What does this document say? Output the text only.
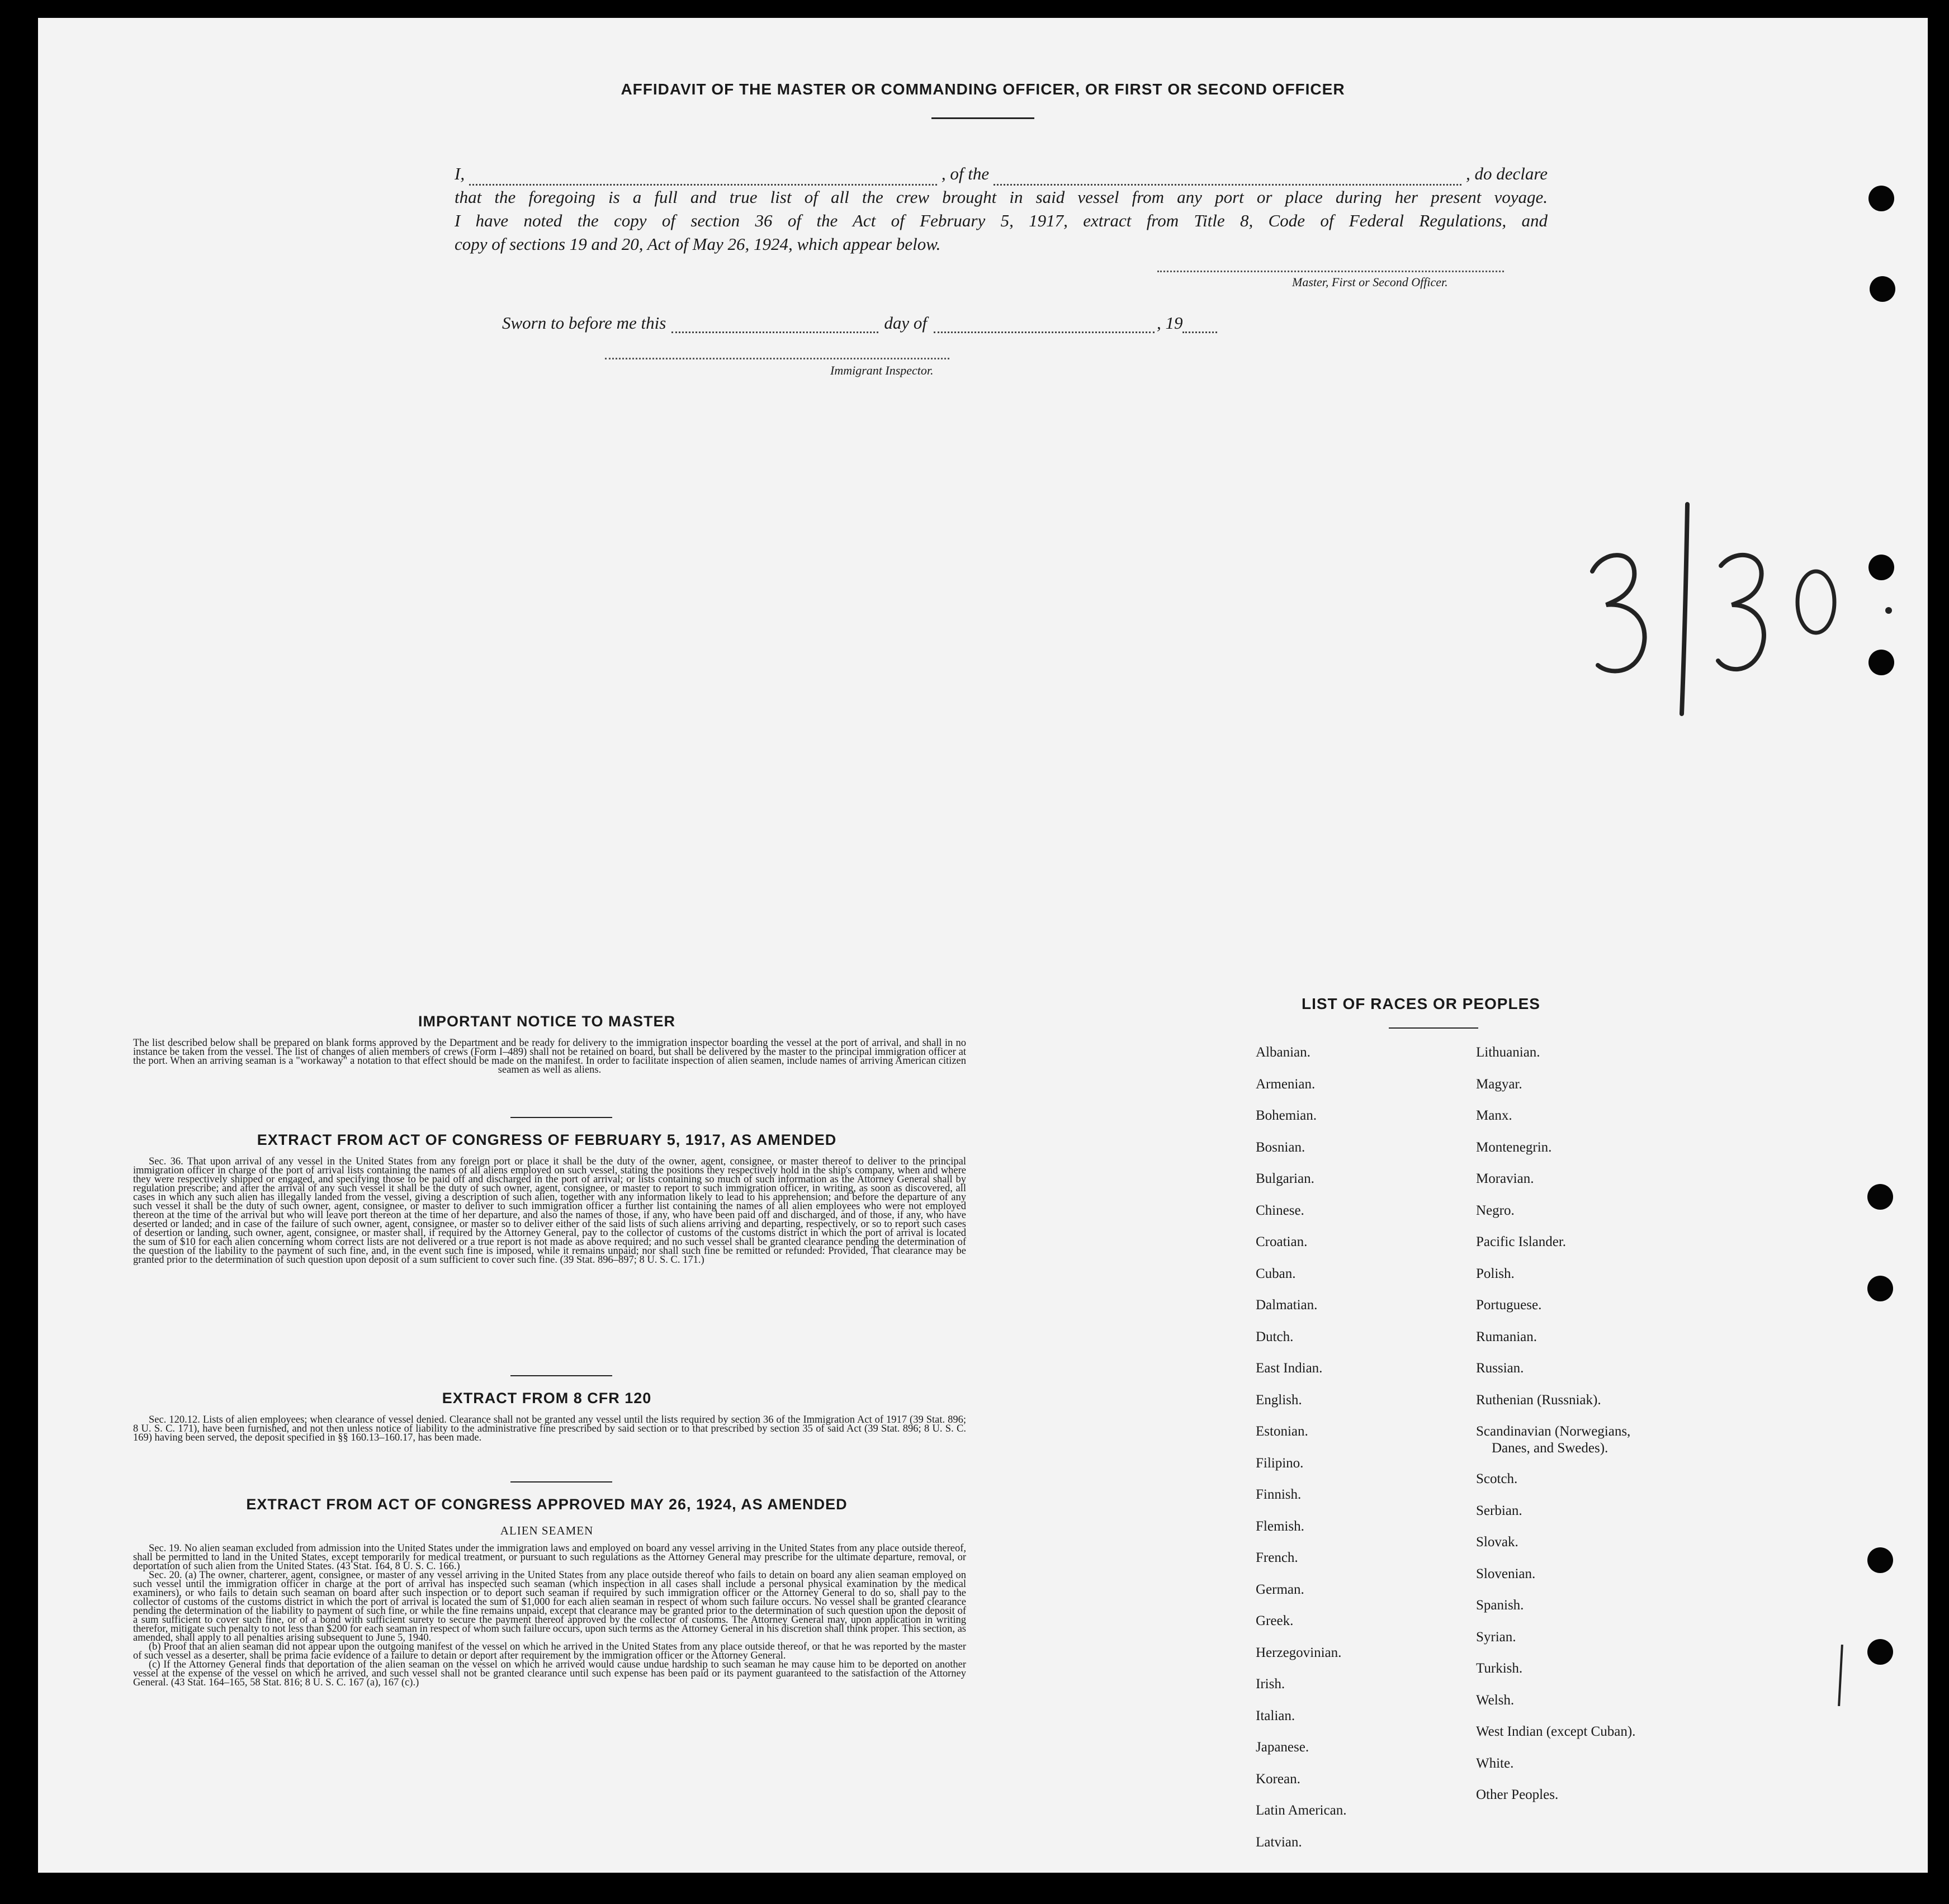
AFFIDAVIT OF THE MASTER OR COMMANDING OFFICER, OR FIRST OR SECOND OFFICER

I,	, of the	, do declare

that the foregoing is a full and true list of all the crew brought in said vessel from any port or place during her present voyage.

I have noted the copy of section 36 of the Act of February 5, 1917, extract from Title 8, Code of Federal Regulations, and

copy of sections 19 and 20, Act of May 26, 1924, which appear below.

Master, First or Second Officer.
Sworn to before me this	day of	, 19
Immigrant Inspector.
IMPORTANT NOTICE TO MASTER

The list described below shall be prepared on blank forms approved by the Department and be ready for delivery to the immigration inspector boarding the vessel at the port of arrival, and shall in no instance be taken from the vessel. The list of changes of alien members of crews (Form I–489) shall not be retained on board, but shall be delivered by the master to the principal immigration officer at the port. When an arriving seaman is a "workaway" a notation to that effect should be made on the manifest. In order to facilitate inspection of alien seamen, include names of arriving American citizen seamen as well as aliens.

EXTRACT FROM ACT OF CONGRESS OF FEBRUARY 5, 1917, AS AMENDED

Sec. 36. That upon arrival of any vessel in the United States from any foreign port or place it shall be the duty of the owner, agent, consignee, or master thereof to deliver to the principal immigration officer in charge of the port of arrival lists containing the names of all aliens employed on such vessel, stating the positions they respectively hold in the ship's company, when and where they were respectively shipped or engaged, and specifying those to be paid off and discharged in the port of arrival; or lists containing so much of such information as the Attorney General shall by regulation prescribe; and after the arrival of any such vessel it shall be the duty of such owner, agent, consignee, or master to report to such immigration officer, in writing, as soon as discovered, all cases in which any such alien has illegally landed from the vessel, giving a description of such alien, together with any information likely to lead to his apprehension; and before the departure of any such vessel it shall be the duty of such owner, agent, consignee, or master to deliver to such immigration officer a further list containing the names of all alien employees who were not employed thereon at the time of the arrival but who will leave port thereon at the time of her departure, and also the names of those, if any, who have been paid off and discharged, and of those, if any, who have deserted or landed; and in case of the failure of such owner, agent, consignee, or master so to deliver either of the said lists of such aliens arriving and departing, respectively, or so to report such cases of desertion or landing, such owner, agent, consignee, or master shall, if required by the Attorney General, pay to the collector of customs of the customs district in which the port of arrival is located the sum of $10 for each alien concerning whom correct lists are not delivered or a true report is not made as above required; and no such vessel shall be granted clearance pending the determination of the question of the liability to the payment of such fine, and, in the event such fine is imposed, while it remains unpaid; nor shall such fine be remitted or refunded: Provided, That clearance may be granted prior to the determination of such question upon deposit of a sum sufficient to cover such fine. (39 Stat. 896–897; 8 U. S. C. 171.)

EXTRACT FROM 8 CFR 120

Sec. 120.12. Lists of alien employees; when clearance of vessel denied. Clearance shall not be granted any vessel until the lists required by section 36 of the Immigration Act of 1917 (39 Stat. 896; 8 U. S. C. 171), have been furnished, and not then unless notice of liability to the administrative fine prescribed by said section or to that prescribed by section 35 of said Act (39 Stat. 896; 8 U. S. C. 169) having been served, the deposit specified in §§ 160.13–160.17, has been made.

EXTRACT FROM ACT OF CONGRESS APPROVED MAY 26, 1924, AS AMENDED
ALIEN SEAMEN

Sec. 19. No alien seaman excluded from admission into the United States under the immigration laws and employed on board any vessel arriving in the United States from any place outside thereof, shall be permitted to land in the United States, except temporarily for medical treatment, or pursuant to such regulations as the Attorney General may prescribe for the ultimate departure, removal, or deportation of such alien from the United States. (43 Stat. 164, 8 U. S. C. 166.)

Sec. 20. (a) The owner, charterer, agent, consignee, or master of any vessel arriving in the United States from any place outside thereof who fails to detain on board any alien seaman employed on such vessel until the immigration officer in charge at the port of arrival has inspected such seaman (which inspection in all cases shall include a personal physical examination by the medical examiners), or who fails to detain such seaman on board after such inspection or to deport such seaman if required by such immigration officer or the Attorney General to do so, shall pay to the collector of customs of the customs district in which the port of arrival is located the sum of $1,000 for each alien seaman in respect of whom such failure occurs. No vessel shall be granted clearance pending the determination of the liability to payment of such fine, or while the fine remains unpaid, except that clearance may be granted prior to the determination of such question upon the deposit of a sum sufficient to cover such fine, or of a bond with sufficient surety to secure the payment thereof approved by the collector of customs. The Attorney General may, upon application in writing therefor, mitigate such penalty to not less than $200 for each seaman in respect of whom such failure occurs, upon such terms as the Attorney General in his discretion shall think proper. This section, as amended, shall apply to all penalties arising subsequent to June 5, 1940.

(b) Proof that an alien seaman did not appear upon the outgoing manifest of the vessel on which he arrived in the United States from any place outside thereof, or that he was reported by the master of such vessel as a deserter, shall be prima facie evidence of a failure to detain or deport after requirement by the immigration officer or the Attorney General.

(c) If the Attorney General finds that deportation of the alien seaman on the vessel on which he arrived would cause undue hardship to such seaman he may cause him to be deported on another vessel at the expense of the vessel on which he arrived, and such vessel shall not be granted clearance until such expense has been paid or its payment guaranteed to the satisfaction of the Attorney General. (43 Stat. 164–165, 58 Stat. 816; 8 U. S. C. 167 (a), 167 (c).)

LIST OF RACES OR PEOPLES
Albanian.
Armenian.
Bohemian.
Bosnian.
Bulgarian.
Chinese.
Croatian.
Cuban.
Dalmatian.
Dutch.
East Indian.
English.
Estonian.
Filipino.
Finnish.
Flemish.
French.
German.
Greek.
Herzegovinian.
Irish.
Italian.
Japanese.
Korean.
Latin American.
Latvian.
Lithuanian.
Magyar.
Manx.
Montenegrin.
Moravian.
Negro.
Pacific Islander.
Polish.
Portuguese.
Rumanian.
Russian.
Ruthenian (Russniak).
Scandinavian (Norwegians,
Danes, and Swedes).
Scotch.
Serbian.
Slovak.
Slovenian.
Spanish.
Syrian.
Turkish.
Welsh.
West Indian (except Cuban).
White.
Other Peoples.
